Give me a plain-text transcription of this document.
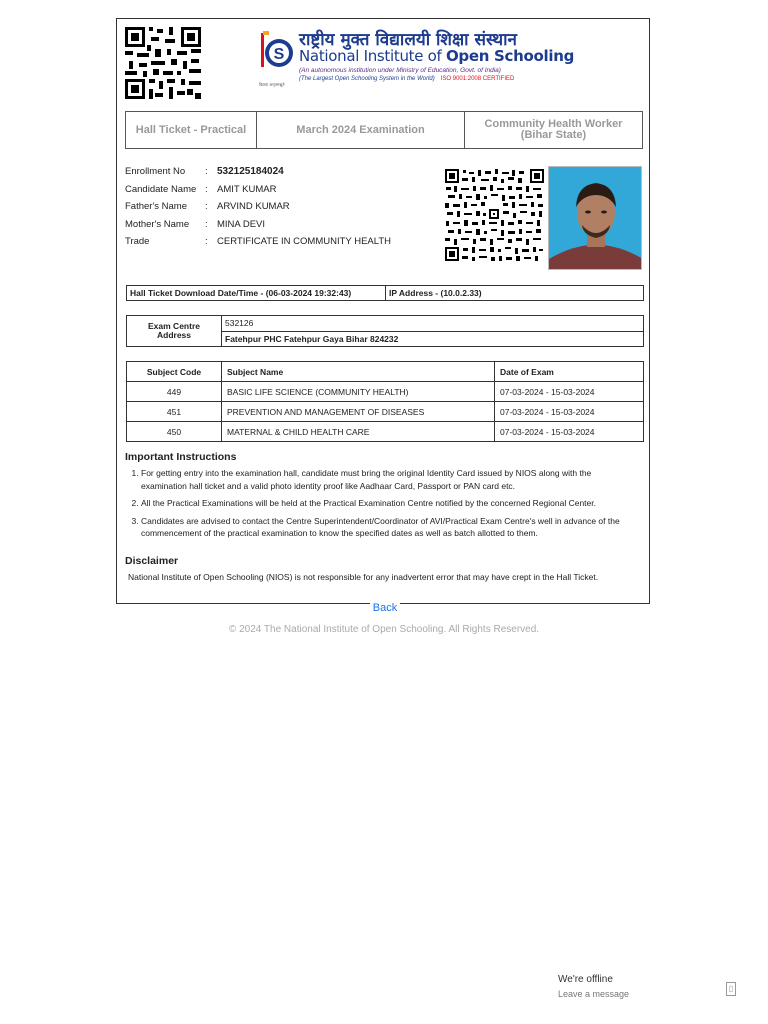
S
राष्ट्रीय मुक्त विद्यालयी शिक्षा संस्थान
National Institute of Open Schooling
(An autonomous institution under Ministry of Education, Govt. of India)
(The Largest Open Schooling System in the World) ISO 9001:2008 CERTIFIED
विद्यया अमृतमश्नुते
Hall Ticket - Practical	March 2024 Examination	Community Health Worker (Bihar State)
Enrollment No	: 532125184024
Candidate Name : AMIT KUMAR
Father's Name	: ARVIND KUMAR
Mother's Name	: MINA DEVI
Trade	: CERTIFICATE IN COMMUNITY HEALTH
Hall Ticket Download Date/Time - (06-03-2024 19:32:43)	IP Address - (10.0.2.33)
Exam Centre Address	532126
Fatehpur PHC Fatehpur Gaya Bihar 824232
Subject Code	Subject Name	Date of Exam
449	BASIC LIFE SCIENCE (COMMUNITY HEALTH)	07-03-2024 - 15-03-2024
451	PREVENTION AND MANAGEMENT OF DISEASES	07-03-2024 - 15-03-2024
450	MATERNAL & CHILD HEALTH CARE	07-03-2024 - 15-03-2024
Important Instructions
1. For getting entry into the examination hall, candidate must bring the original Identity Card issued by NIOS along with the examination hall ticket and a valid photo identity proof like Aadhaar Card, Passport or PAN card etc.
2. All the Practical Examinations will be held at the Practical Examination Centre notified by the concerned Regional Center.
3. Candidates are advised to contact the Centre Superintendent/Coordinator of AVI/Practical Exam Centre's well in advance of the commencement of the practical examination to know the specified dates as well as batch allotted to them.
Disclaimer

National Institute of Open Schooling (NIOS) is not responsible for any inadvertent error that may have crept in the Hall Ticket.

Back
© 2024 The National Institute of Open Schooling. All Rights Reserved.
We're offline
Leave a message
▯
